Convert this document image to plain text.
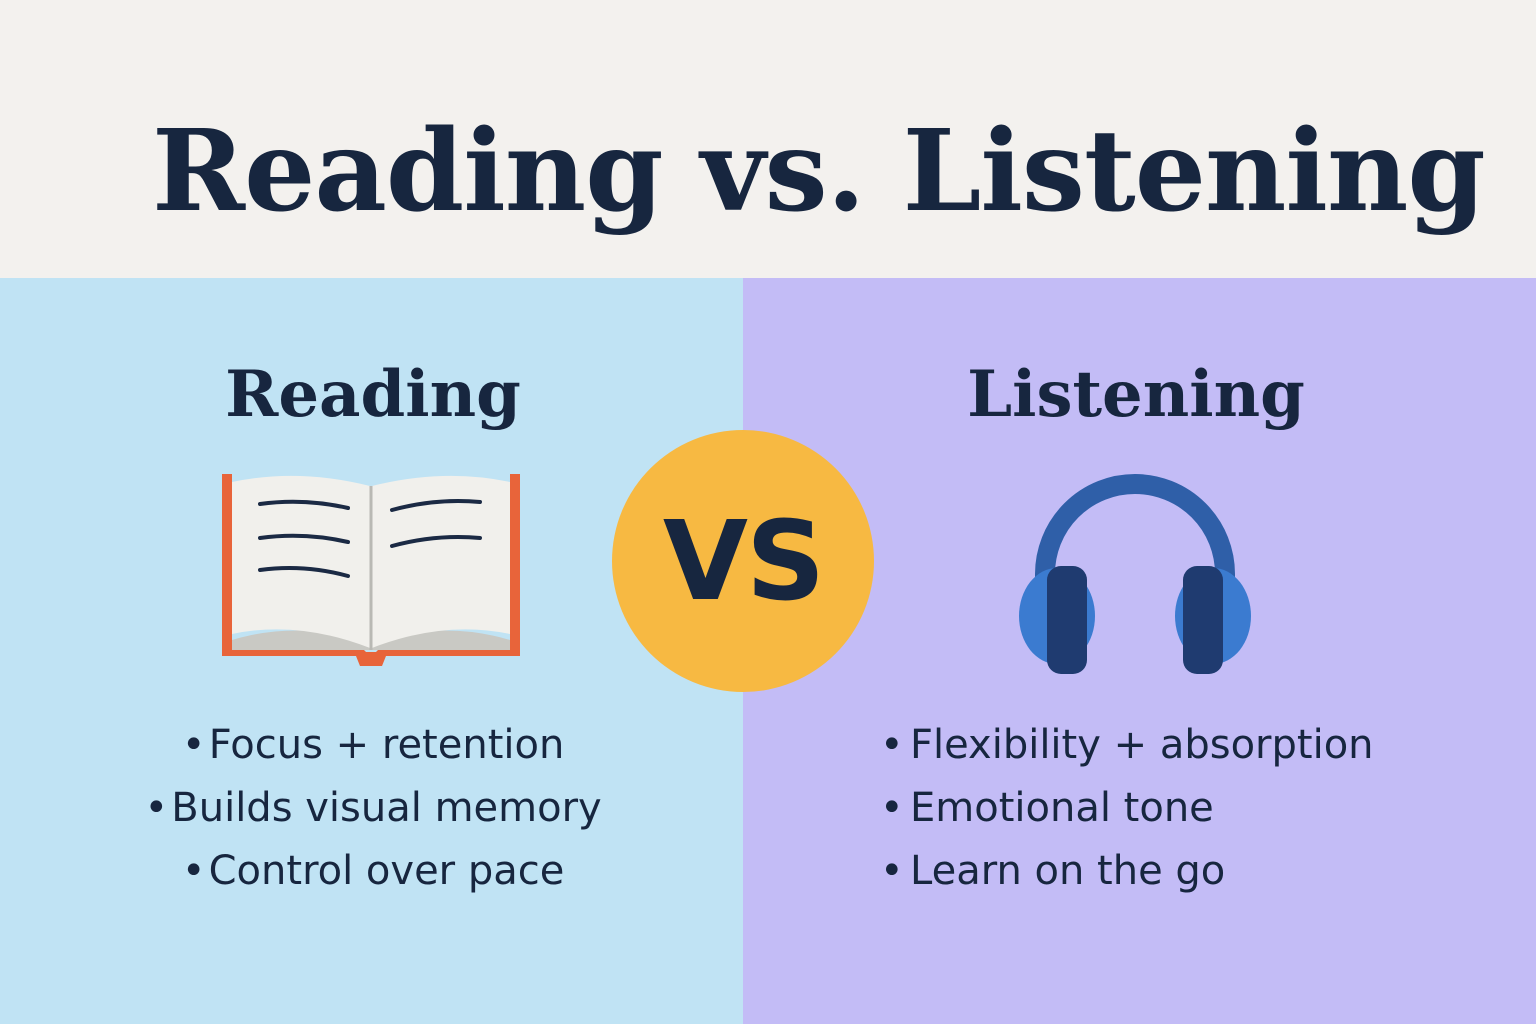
Reading vs. Listening
Reading
•Focus + retention
•Builds visual memory
•Control over pace
Listening
• Flexibility + absorption
• Emotional tone
• Learn on the go
VS
